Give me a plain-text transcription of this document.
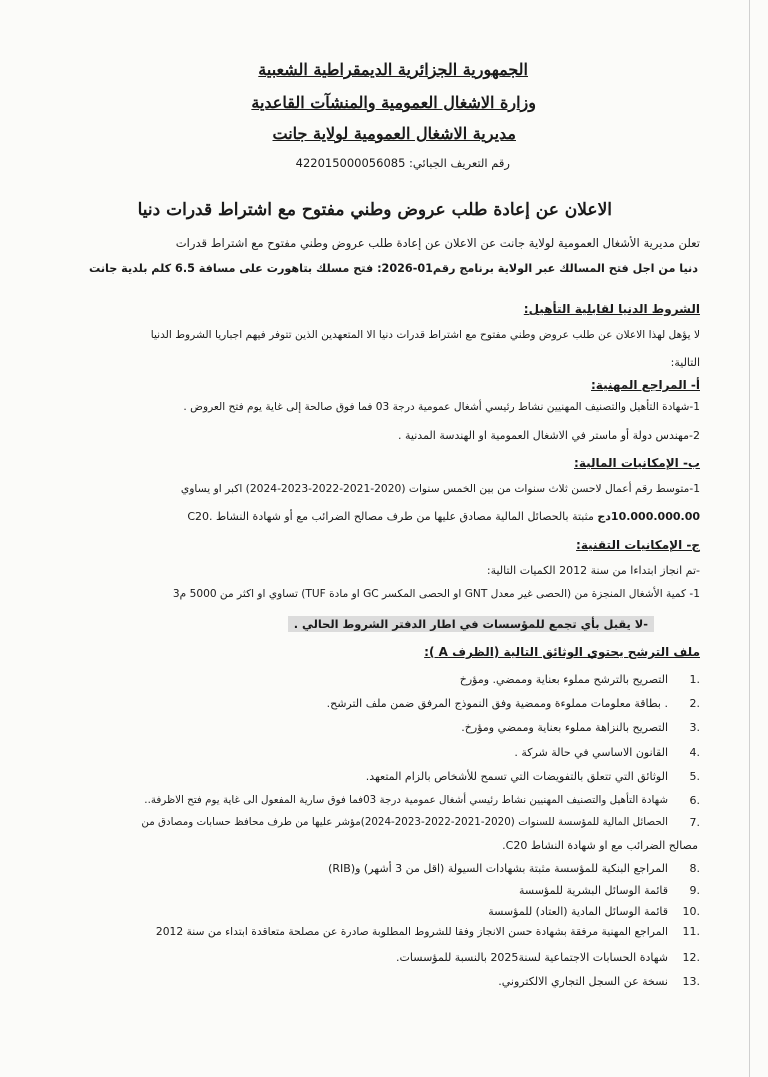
الجمهورية الجزائرية الديمقراطية الشعبية
وزارة الاشغال العمومية والمنشآت القاعدية
مديرية الاشغال العمومية لولاية جانت
رقم التعريف الجبائي: 422015000056085
الاعلان عن إعادة طلب عروض وطني مفتوح مع اشتراط قدرات دنيا
تعلن مديرية الأشغال العمومية لولاية جانت عن الاعلان عن إعادة طلب عروض وطني مفتوح مع اشتراط قدرات
دنيا من اجل فتح المسالك عبر الولاية برنامج رقم01-2026: فتح مسلك بتاهورت على مسافة 6.5 كلم بلدية جانت
الشروط الدنيا لقابلية التأهيل:
لا يؤهل لهذا الاعلان عن طلب عروض وطني مفتوح مع اشتراط قدرات دنيا الا المتعهدين الذين تتوفر فيهم اجباريا الشروط الدنيا
التالية:
أ- المراجع المهنية:
1-شهادة التأهيل والتصنيف المهنيين نشاط رئيسي أشغال عمومية درجة 03 فما فوق صالحة إلى غاية يوم فتح العروض .
2-مهندس دولة أو ماستر في الاشغال العمومية او الهندسة المدنية .
ب- الإمكانيات المالية:
1-متوسط رقم أعمال لاحسن ثلاث سنوات من بين الخمس سنوات (2020-2021-2022-2023-2024) اكبر او يساوي
10.000.000.00دج مثبتة بالحصائل المالية مصادق عليها من طرف مصالح الضرائب مع أو شهادة النشاط .C20
ج- الإمكانيات التقنية:
-تم انجاز ابتداءا من سنة 2012 الكميات التالية:
1- كمية الأشغال المنجزة من (الحصى غير معدل GNT او الحصى المكسر GC او مادة TUF) تساوي او اكثر من 5000 م3
-لا يقبل بأي تجمع للمؤسسات في اطار الدفتر الشروط الحالي .
ملف الترشح يحتوي الوثائق التالية (الظرف A ):
التصريح بالترشح مملوء بعناية وممضي. ومؤرخ 1.
. بطاقة معلومات مملوءة وممضية وفق النموذج المرفق ضمن ملف الترشح. 2.
التصريح بالنزاهة مملوء بعناية وممضي ومؤرخ. 3.
القانون الاساسي في حالة شركة . 4.
الوثائق التي تتعلق بالتفويضات التي تسمح للأشخاص بالزام المتعهد. 5.
شهادة التأهيل والتصنيف المهنيين نشاط رئيسي أشغال عمومية درجة 03فما فوق سارية المفعول الى غاية يوم فتح الاظرفة.. 6.
الحصائل المالية للمؤسسة للسنوات (2020-2021-2022-2023-2024)مؤشر عليها من طرف محافظ حسابات ومصادق من 7.
مصالح الضرائب مع او شهادة النشاط C20.
المراجع البنكية للمؤسسة مثبتة بشهادات السيولة (اقل من 3 أشهر) و(RIB) 8.
قائمة الوسائل البشرية للمؤسسة 9.
قائمة الوسائل المادية (العتاد) للمؤسسة 10.
المراجع المهنية مرفقة بشهادة حسن الانجاز وفقا للشروط المطلوبة صادرة عن مصلحة متعاقدة ابتداء من سنة 2012 11.
شهادة الحسابات الاجتماعية لسنة2025 بالنسبة للمؤسسات. 12.
نسخة عن السجل التجاري الالكتروني. 13.
